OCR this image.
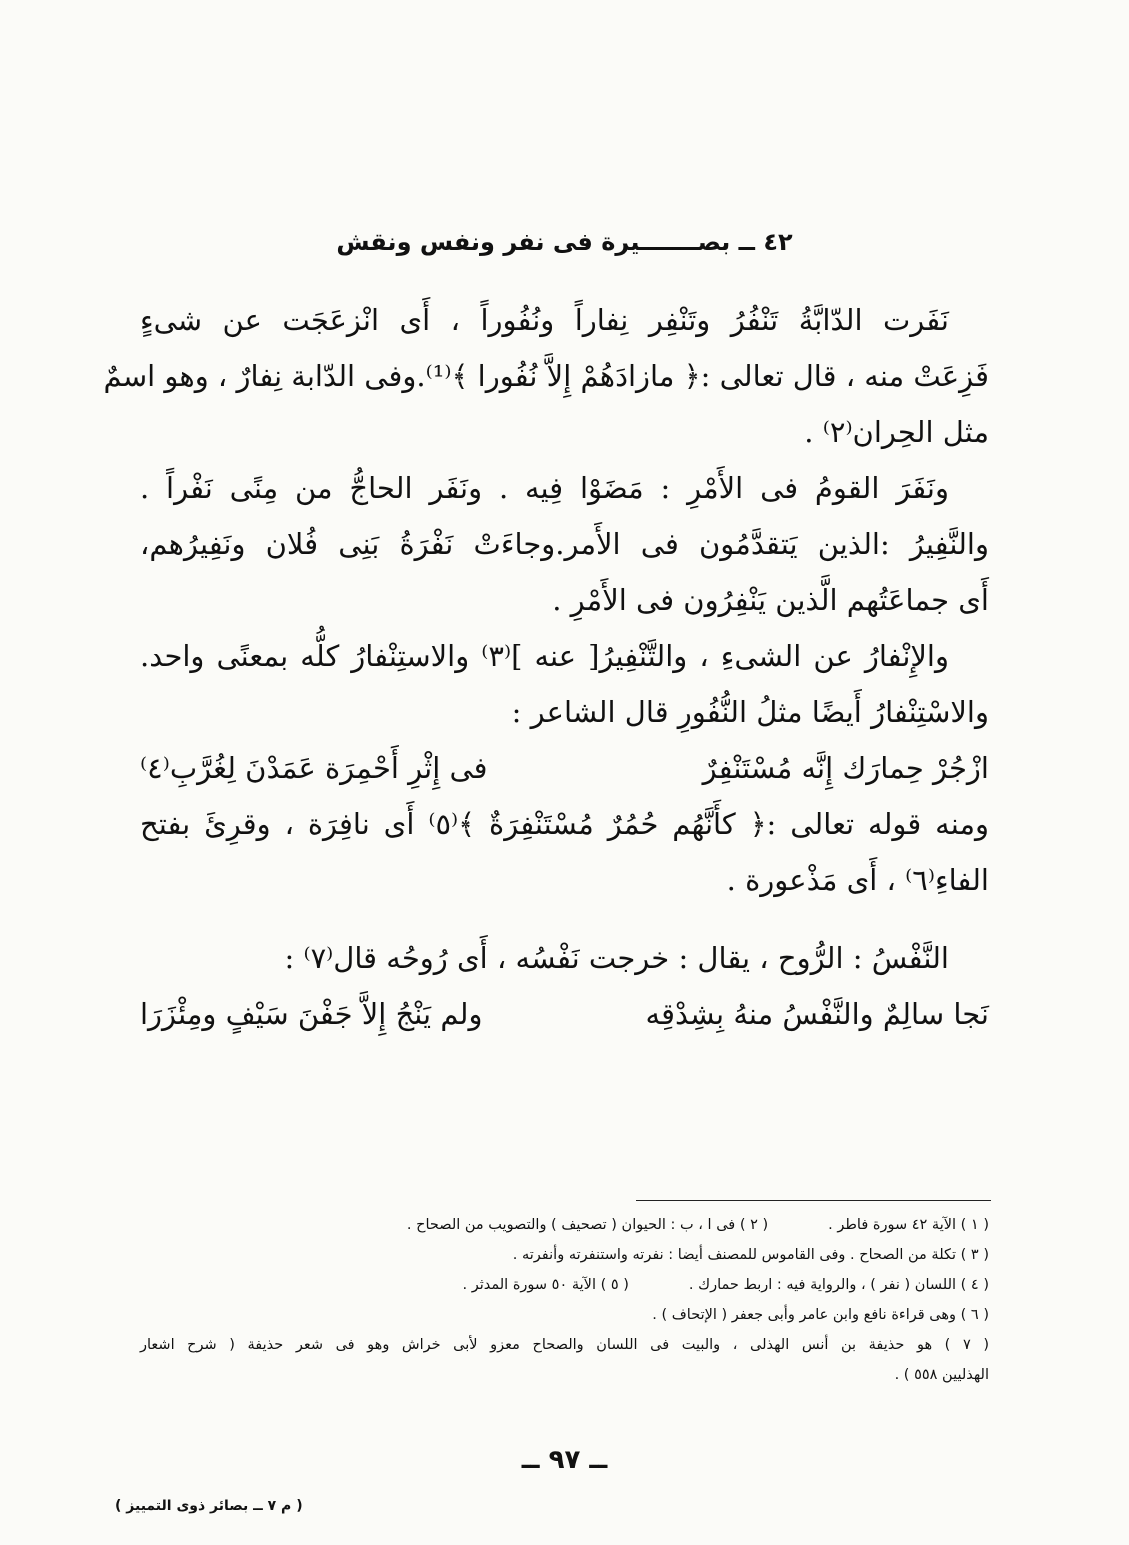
٤٢ ــ بصـــــــيرة فى نفر ونفس ونقش
نَفَرت الدّابَّةُ تَنْفُرُ وتَنْفِر نِفاراً ونُفُوراً ، أَى انْزعَجَت عن شىءٍ
فَزِعَتْ منه ، قال تعالى :﴿ مازادَهُمْ إِلاَّ نُفُورا ﴾⁽¹⁾.وفى الدّابة نِفارٌ ، وهو اسمٌ
مثل الحِران⁽٢⁾ .
ونَفَرَ القومُ فى الأَمْرِ : مَضَوْا فِيه . ونَفَر الحاجُّ من مِنًى نَفْراً .
والنَّفِيرُ :الذين يَتقدَّمُون فى الأَمر.وجاءَتْ نَفْرَةُ بَنِى فُلان ونَفِيرُهم،
أَى جماعَتُهم الَّذين يَنْفِرُون فى الأَمْرِ .
والإِنْفارُ عن الشىءِ ، والتَّنْفِيرُ[ عنه ]⁽٣⁾ والاستِنْفارُ كلُّه بمعنًى واحد.
والاسْتِنْفارُ أَيضًا مثلُ النُّفُورِ قال الشاعر :
ازْجُرْ حِمارَك إِنَّه مُسْتَنْفِرٌ
فى إِثْرِ أَحْمِرَة عَمَدْنَ لِغُرَّبِ⁽٤⁾
ومنه قوله تعالى :﴿ كأَنَّهُم حُمُرٌ مُسْتَنْفِرَةٌ ﴾⁽٥⁾ أَى نافِرَة ، وقرِئَ بفتح
الفاءِ⁽٦⁾ ، أَى مَذْعورة .
النَّفْسُ : الرُّوح ، يقال : خرجت نَفْسُه ، أَى رُوحُه قال⁽٧⁾ :
نَجا سالِمٌ والنَّفْسُ منهُ بِشِدْقِه
ولم يَنْجُ إِلاَّ جَفْنَ سَيْفٍ ومِئْزَرَا
( ١ ) الآية ٤٢ سورة فاطر .
( ٢ ) فى ا ، ب : الحيوان ( تصحيف ) والتصويب من الصحاح .
( ٣ ) تكلة من الصحاح . وفى القاموس للمصنف أيضا : نفرته واستنفرته وأنفرته .
( ٤ ) اللسان ( نفر ) ، والرواية فيه : اربط حمارك .
( ٥ ) الآية ٥٠ سورة المدثر .
( ٦ ) وهى قراءة نافع وابن عامر وأبى جعفر ( الإتحاف ) .
( ٧ ) هو حذيفة بن أنس الهذلى ، والبيت فى اللسان والصحاح معزو لأبى خراش وهو فى شعر حذيفة ( شرح اشعار
الهذليين ٥٥٨ ) .
ــ ٩٧ ــ
( م ٧ ــ بصائر ذوى التمييز )
